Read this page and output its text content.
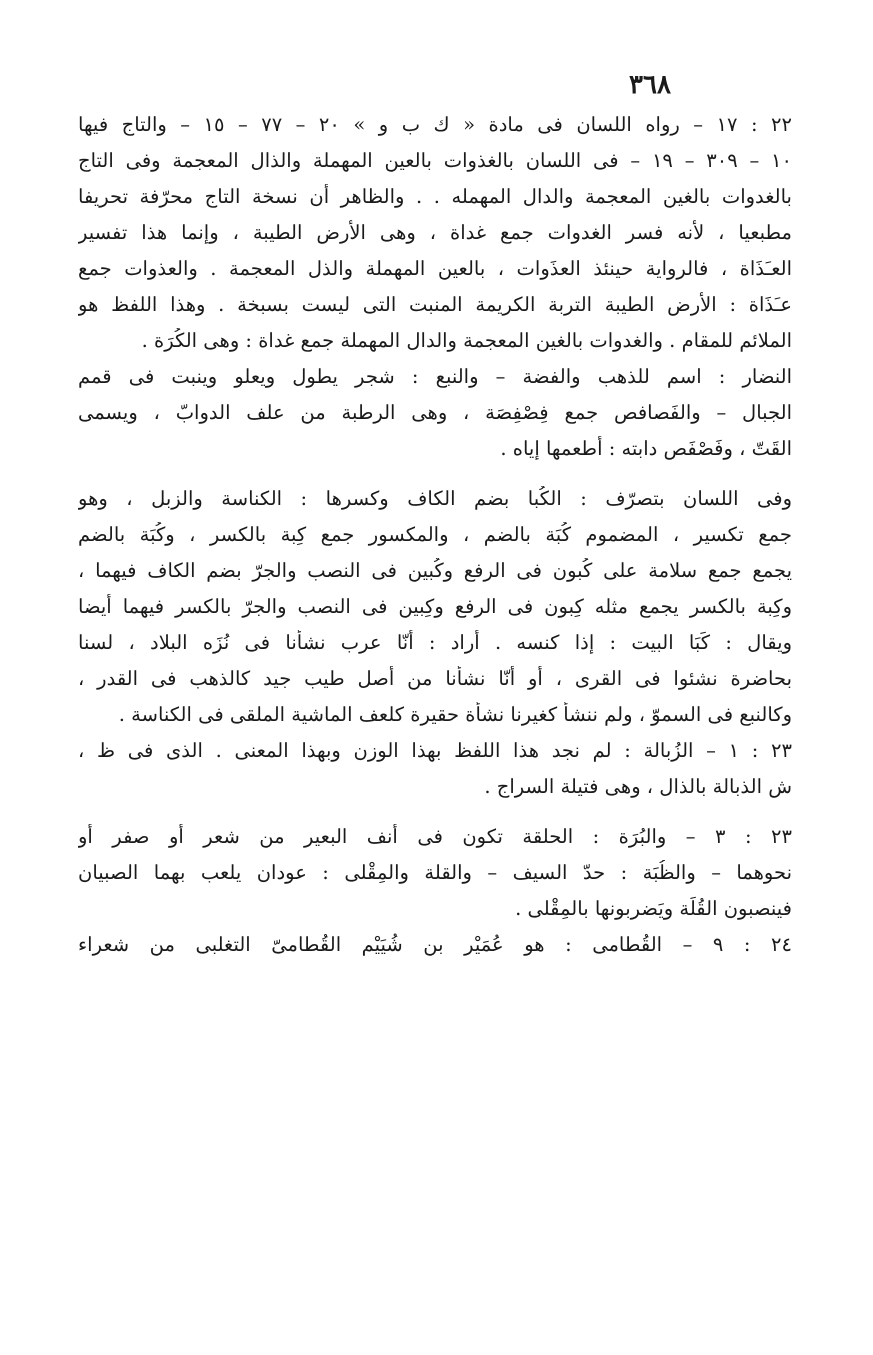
٣٦٨
٢٢ : ١٧ – رواه اللسان فى مادة « ك ب و » ٢٠ – ٧٧ – ١٥ – والتاج فيها
١٠ – ٣٠٩ – ١٩ – فى اللسان بالغذوات بالعين المهملة والذال المعجمة وفى التاج
بالغدوات بالغين المعجمة والدال المهمله . . والظاهر أن نسخة التاج محرّفة تحريفا
مطبعيا ، لأنه فسر الغدوات جمع غداة ، وهى الأرض الطيبة ، وإنما هذا تفسير
العـَذَاة ، فالرواية حينئذ العذَوات ، بالعين المهملة والذل المعجمة . والعذوات جمع
عـَذَاة : الأرض الطيبة التربة الكريمة المنبت التى ليست بسبخة . وهذا اللفظ هو
الملائم للمقام . والغدوات بالغين المعجمة والدال المهملة جمع غداة : وهى الكُرَة .
النضار : اسم للذهب والفضة – والنبع : شجر يطول ويعلو وينبت فى قمم
الجبال – والفَصافص جمع فِصْفِصَة ، وهى الرطبة من علف الدوابّ ، ويسمى
القَتّ ، وفَصْفَص دابته : أطعمها إياه .
وفى اللسان بتصرّف : الكُبا بضم الكاف وكسرها : الكناسة والزبل ، وهو
جمع تكسير ، المضموم كُبَة بالضم ، والمكسور جمع كِبة بالكسر ، وكُبَة بالضم
يجمع جمع سلامة على كُبون فى الرفع وكُبين فى النصب والجرّ بضم الكاف فيهما ،
وكِبة بالكسر يجمع مثله كِبون فى الرفع وكِبين فى النصب والجرّ بالكسر فيهما أيضا
ويقال : كَبَا البيت : إذا كنسه . أراد : أنّا عرب نشأنا فى نُزَه البلاد ، لسنا
بحاضرة نشئوا فى القرى ، أو أنّا نشأنا من أصل طيب جيد كالذهب فى القدر ،
وكالنبع فى السموّ ، ولم ننشأ كغيرنا نشأة حقيرة كلعف الماشية الملقى فى الكناسة .
٢٣ : ١ – الزُبالة : لم نجد هذا اللفظ بهذا الوزن وبهذا المعنى . الذى فى ظ ،
ش الذبالة بالذال ، وهى فتيلة السراج .
٢٣ : ٣ – والبُرَة : الحلقة تكون فى أنف البعير من شعر أو صفر أو
نحوهما – والظُبَة : حدّ السيف – والقلة والمِقْلى : عودان يلعب بهما الصبيان
فينصبون القُلَة ويَضربونها بالمِقْلى .
٢٤ : ٩ – القُطامى : هو عُمَيْر بن شُيَيْم القُطامىّ التغلبى من شعراء
